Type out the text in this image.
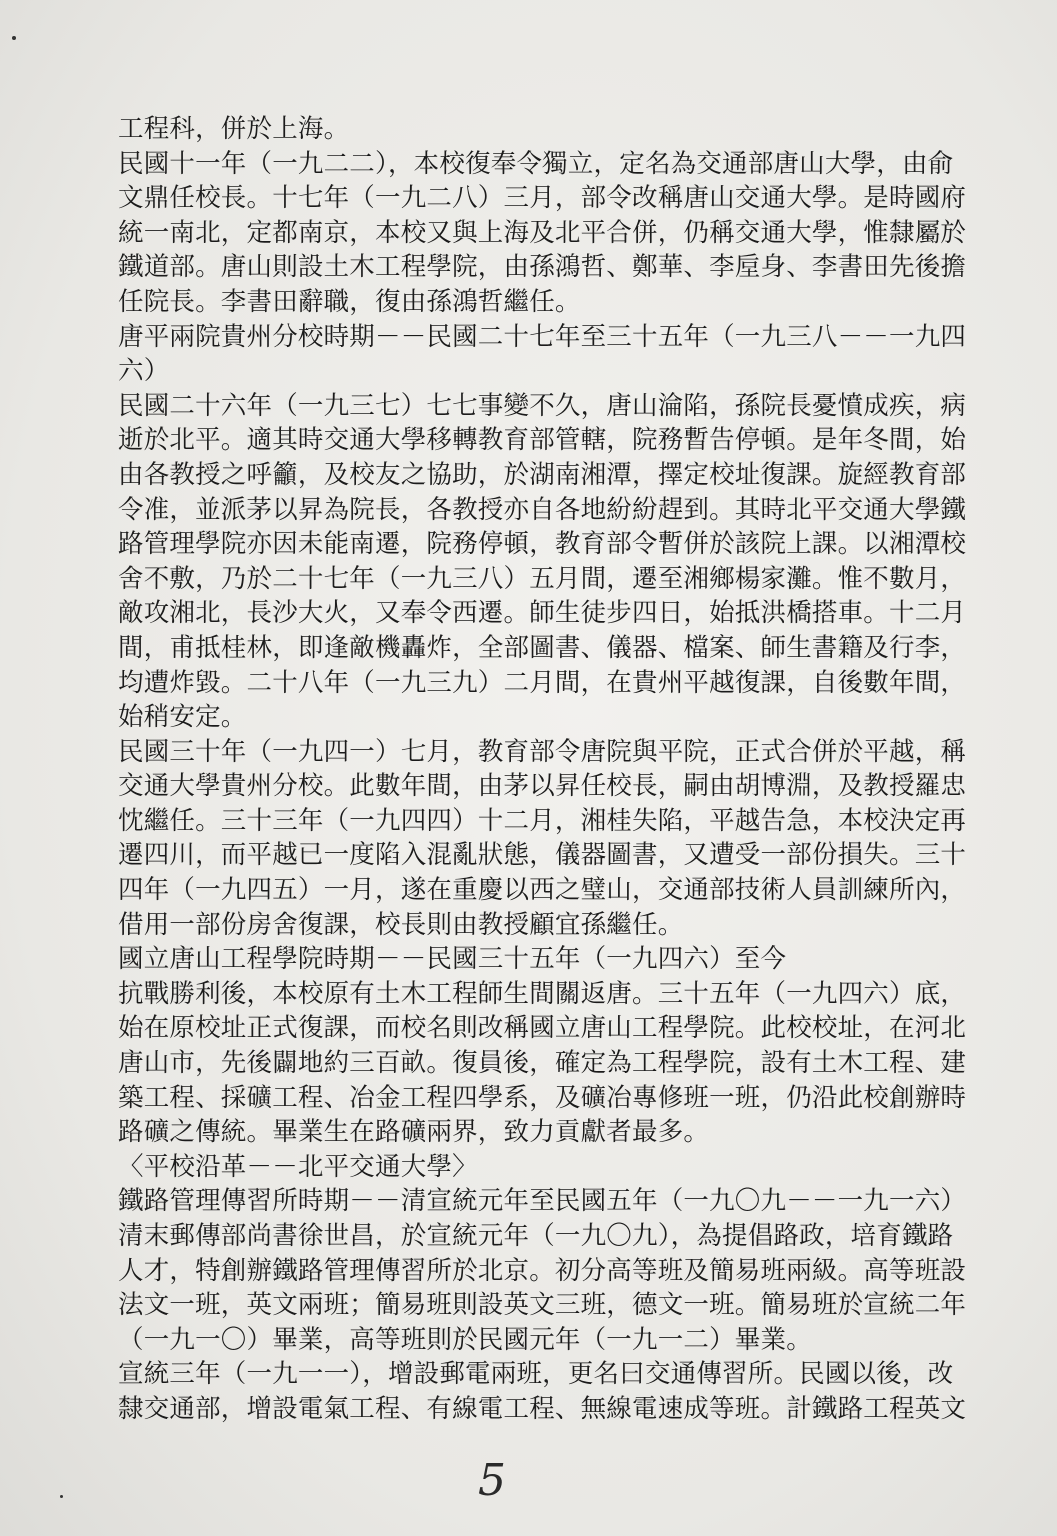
工程科，併於上海。
民國十一年（一九二二），本校復奉令獨立，定名為交通部唐山大學，由俞
文鼎任校長。十七年（一九二八）三月，部令改稱唐山交通大學。是時國府
統一南北，定都南京，本校又與上海及北平合併，仍稱交通大學，惟隸屬於
鐵道部。唐山則設土木工程學院，由孫鴻哲、鄭華、李垕身、李書田先後擔
任院長。李書田辭職，復由孫鴻哲繼任。
唐平兩院貴州分校時期－－民國二十七年至三十五年（一九三八－－一九四
六）
民國二十六年（一九三七）七七事變不久，唐山淪陷，孫院長憂憤成疾，病
逝於北平。適其時交通大學移轉教育部管轄，院務暫告停頓。是年冬間，始
由各教授之呼籲，及校友之協助，於湖南湘潭，擇定校址復課。旋經教育部
令准，並派茅以昇為院長，各教授亦自各地紛紛趕到。其時北平交通大學鐵
路管理學院亦因未能南遷，院務停頓，教育部令暫併於該院上課。以湘潭校
舍不敷，乃於二十七年（一九三八）五月間，遷至湘鄉楊家灘。惟不數月，
敵攻湘北，長沙大火，又奉令西遷。師生徒步四日，始抵洪橋搭車。十二月
間，甫抵桂林，即逢敵機轟炸，全部圖書、儀器、檔案、師生書籍及行李，
均遭炸毀。二十八年（一九三九）二月間，在貴州平越復課，自後數年間，
始稍安定。
民國三十年（一九四一）七月，教育部令唐院與平院，正式合併於平越，稱
交通大學貴州分校。此數年間，由茅以昇任校長，嗣由胡博淵，及教授羅忠
忱繼任。三十三年（一九四四）十二月，湘桂失陷，平越告急，本校決定再
遷四川，而平越已一度陷入混亂狀態，儀器圖書，又遭受一部份損失。三十
四年（一九四五）一月，遂在重慶以西之璧山，交通部技術人員訓練所內，
借用一部份房舍復課，校長則由教授顧宜孫繼任。
國立唐山工程學院時期－－民國三十五年（一九四六）至今
抗戰勝利後，本校原有土木工程師生間關返唐。三十五年（一九四六）底，
始在原校址正式復課，而校名則改稱國立唐山工程學院。此校校址，在河北
唐山市，先後闢地約三百畝。復員後，確定為工程學院，設有土木工程、建
築工程、採礦工程、冶金工程四學系，及礦冶專修班一班，仍沿此校創辦時
路礦之傳統。畢業生在路礦兩界，致力貢獻者最多。
〈平校沿革－－北平交通大學〉
鐵路管理傳習所時期－－清宣統元年至民國五年（一九〇九－－一九一六）
清末郵傳部尚書徐世昌，於宣統元年（一九〇九），為提倡路政，培育鐵路
人才，特創辦鐵路管理傳習所於北京。初分高等班及簡易班兩級。高等班設
法文一班，英文兩班；簡易班則設英文三班，德文一班。簡易班於宣統二年
（一九一〇）畢業，高等班則於民國元年（一九一二）畢業。
宣統三年（一九一一），增設郵電兩班，更名曰交通傳習所。民國以後，改
隸交通部，增設電氣工程、有線電工程、無線電速成等班。計鐵路工程英文
5
